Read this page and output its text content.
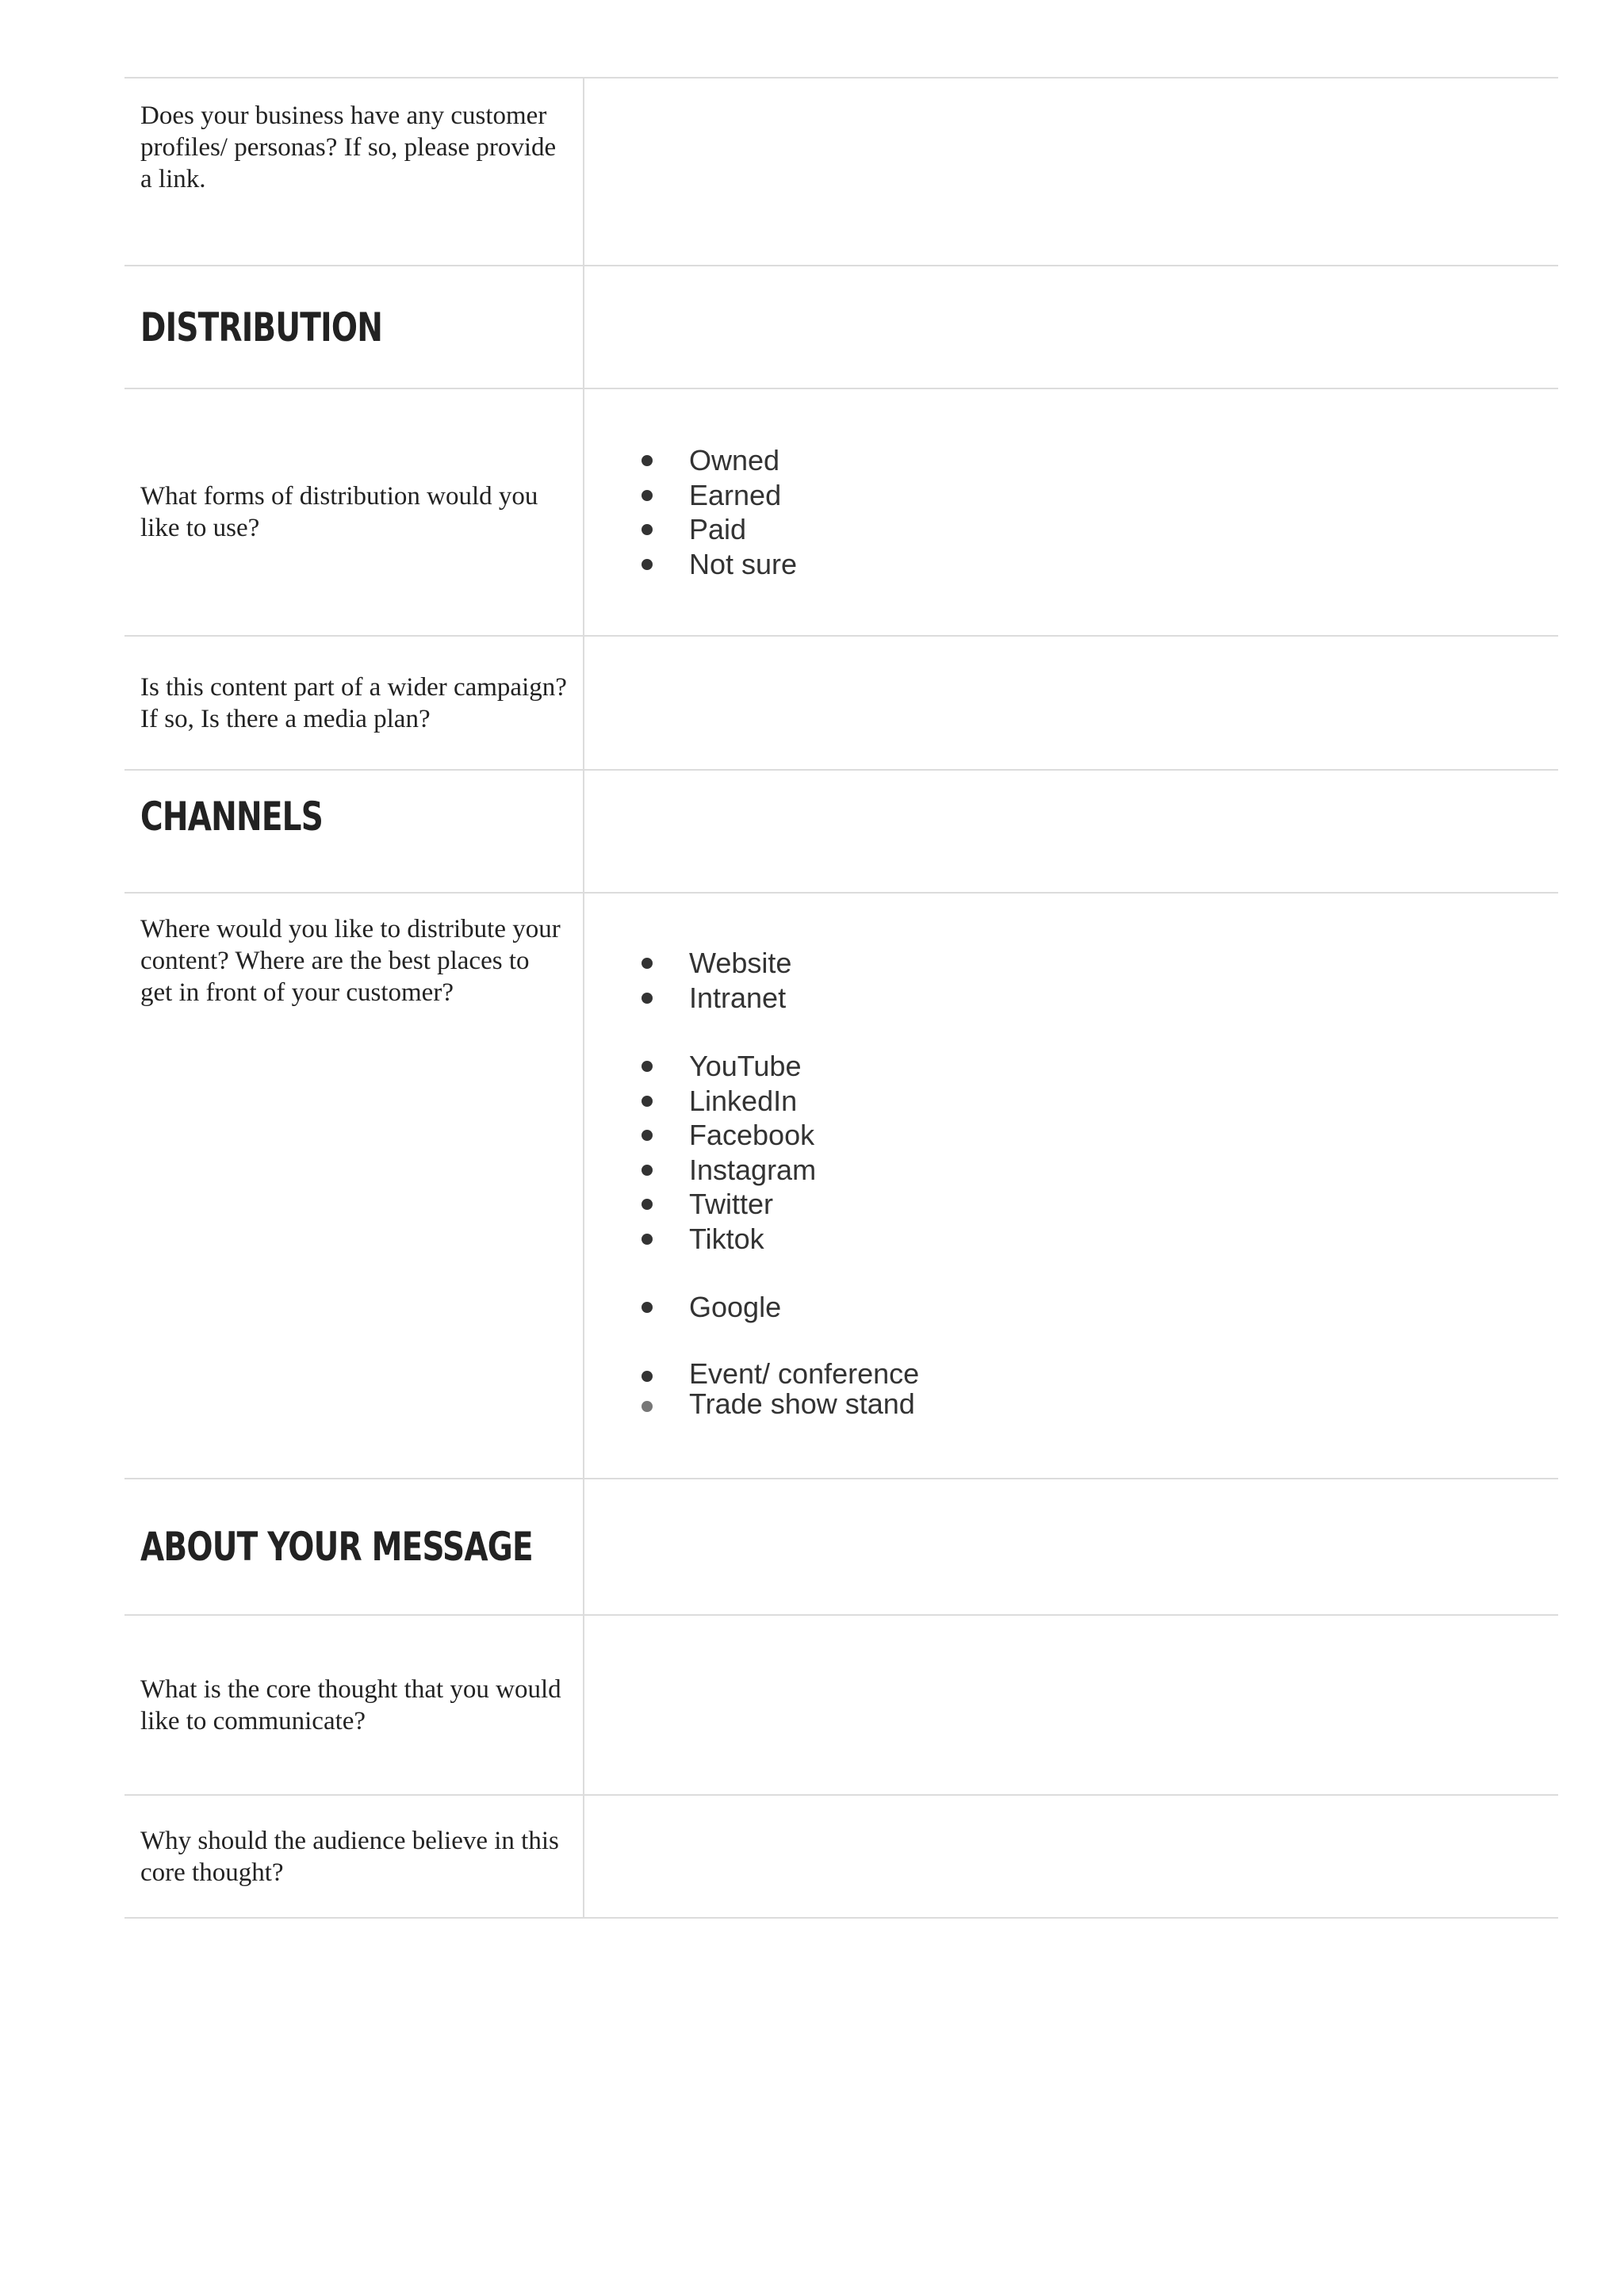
Does your business have any customer profiles/ personas? If so, please provide a link.

DISTRIBUTION

What forms of distribution would you like to use?

Owned
Earned
Paid
Not sure

Is this content part of a wider campaign? If so, Is there a media plan?

CHANNELS

Where would you like to distribute your content? Where are the best places to get in front of your customer?

Website
Intranet
YouTube
LinkedIn
Facebook
Instagram
Twitter
Tiktok
Google
Event/ conference
Trade show stand
ABOUT YOUR MESSAGE

What is the core thought that you would like to communicate?

Why should the audience believe in this core thought?
